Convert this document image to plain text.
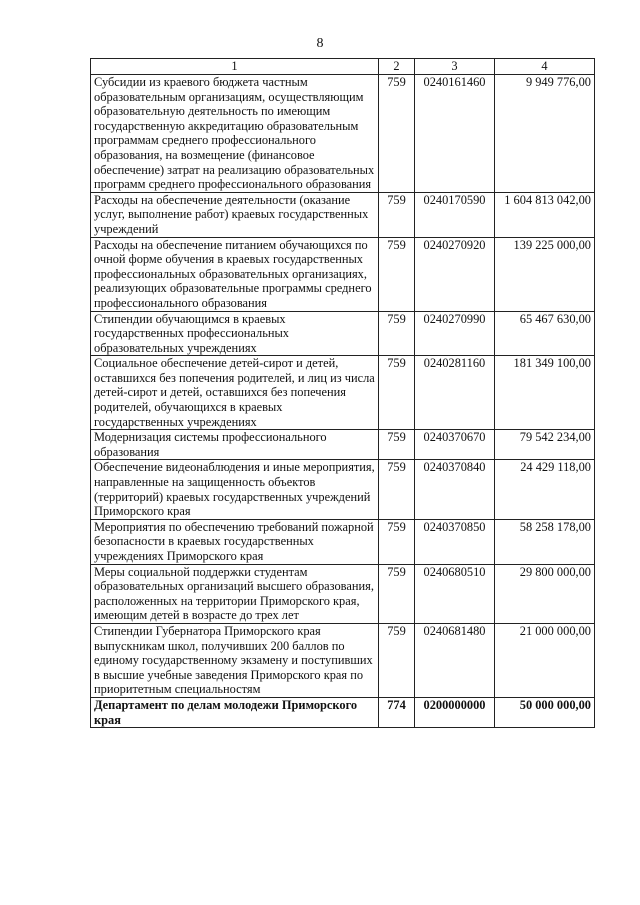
8
1	2	3	4
Субсидии из краевого бюджета частным образовательным организациям, осуществляющим образовательную деятельность по имеющим государственную аккредитацию образовательным программам среднего профессионального образования, на возмещение (финансовое обеспечение) затрат на реализацию образовательных программ среднего профессионального образования	759	0240161460	9 949 776,00
Расходы на обеспечение деятельности (оказание услуг, выполнение работ) краевых государственных учреждений	759	0240170590	1 604 813 042,00
Расходы на обеспечение питанием обучающихся по очной форме обучения в краевых государственных профессиональных образовательных организациях, реализующих образовательные программы среднего профессионального образования	759	0240270920	139 225 000,00
Стипендии обучающимся в краевых государственных профессиональных образовательных учреждениях	759	0240270990	65 467 630,00
Социальное обеспечение детей-сирот и детей, оставшихся без попечения родителей, и лиц из числа детей-сирот и детей, оставшихся без попечения родителей, обучающихся в краевых государственных учреждениях	759	0240281160	181 349 100,00
Модернизация системы профессионального образования	759	0240370670	79 542 234,00
Обеспечение видеонаблюдения и иные мероприятия, направленные на защищенность объектов (территорий) краевых государственных учреждений Приморского края	759	0240370840	24 429 118,00
Мероприятия по обеспечению требований пожарной безопасности в краевых государственных учреждениях Приморского края	759	0240370850	58 258 178,00
Меры социальной поддержки студентам образовательных организаций высшего образования, расположенных на территории Приморского края, имеющим детей в возрасте до трех лет	759	0240680510	29 800 000,00
Стипендии Губернатора Приморского края выпускникам школ, получивших 200 баллов по единому государственному экзамену и поступивших в высшие учебные заведения Приморского края по приоритетным специальностям	759	0240681480	21 000 000,00
Департамент по делам молодежи Приморского края	774	0200000000	50 000 000,00
